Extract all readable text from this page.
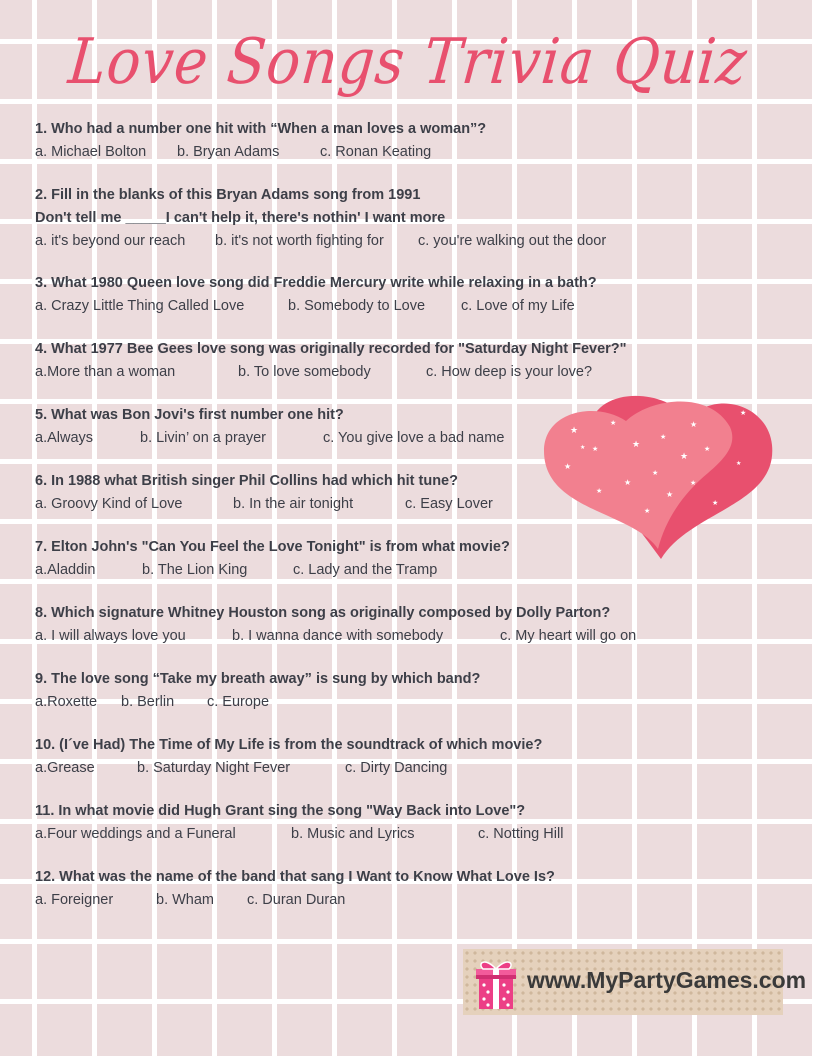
Love Songs Trivia Quiz
1. Who had a number one hit with “When a man loves a woman”?
a. Michael Bolton b. Bryan Adams	c. Ronan Keating
2. Fill in the blanks of this Bryan Adams song from 1991
Don't tell me _____I can't help it, there's nothin' I want more
a. it's beyond our reach b. it's not worth fighting for c. you're walking out the door
3. What 1980 Queen love song did Freddie Mercury write while relaxing in a bath?
a. Crazy Little Thing Called Love	b. Somebody to Love c. Love of my Life
4. What 1977 Bee Gees love song was originally recorded for "Saturday Night Fever?"
a.More than a woman	b. To love somebody	c. How deep is your love?
5. What was Bon Jovi's first number one hit?
a.Always	b. Livin’ on a prayer	c. You give love a bad name
6. In 1988 what British singer Phil Collins had which hit tune?
a. Groovy Kind of Love	b. In the air tonight	c. Easy Lover
7. Elton John's "Can You Feel the Love Tonight" is from what movie?
a.Aladdin	b. The Lion King	c. Lady and the Tramp
8. Which signature Whitney Houston song as originally composed by Dolly Parton?
a. I will always love you	b. I wanna dance with somebody	c. My heart will go on
9. The love song “Take my breath away” is sung by which band?
a.Roxette b. Berlin c. Europe
10. (I´ve Had) The Time of My Life is from the soundtrack of which movie?
a.Grease	b. Saturday Night Fever	c. Dirty Dancing
11. In what movie did Hugh Grant sing the song "Way Back into Love"?
a.Four weddings and a Funeral	b. Music and Lyrics	c. Notting Hill
12. What was the name of the band that sang I Want to Know What Love Is?
a. Foreigner	b. Wham c. Duran Duran
★
★
★
★
★
★
★
★
★
★
★	★
★
★
★
★
★
★
★
www.MyPartyGames.com
